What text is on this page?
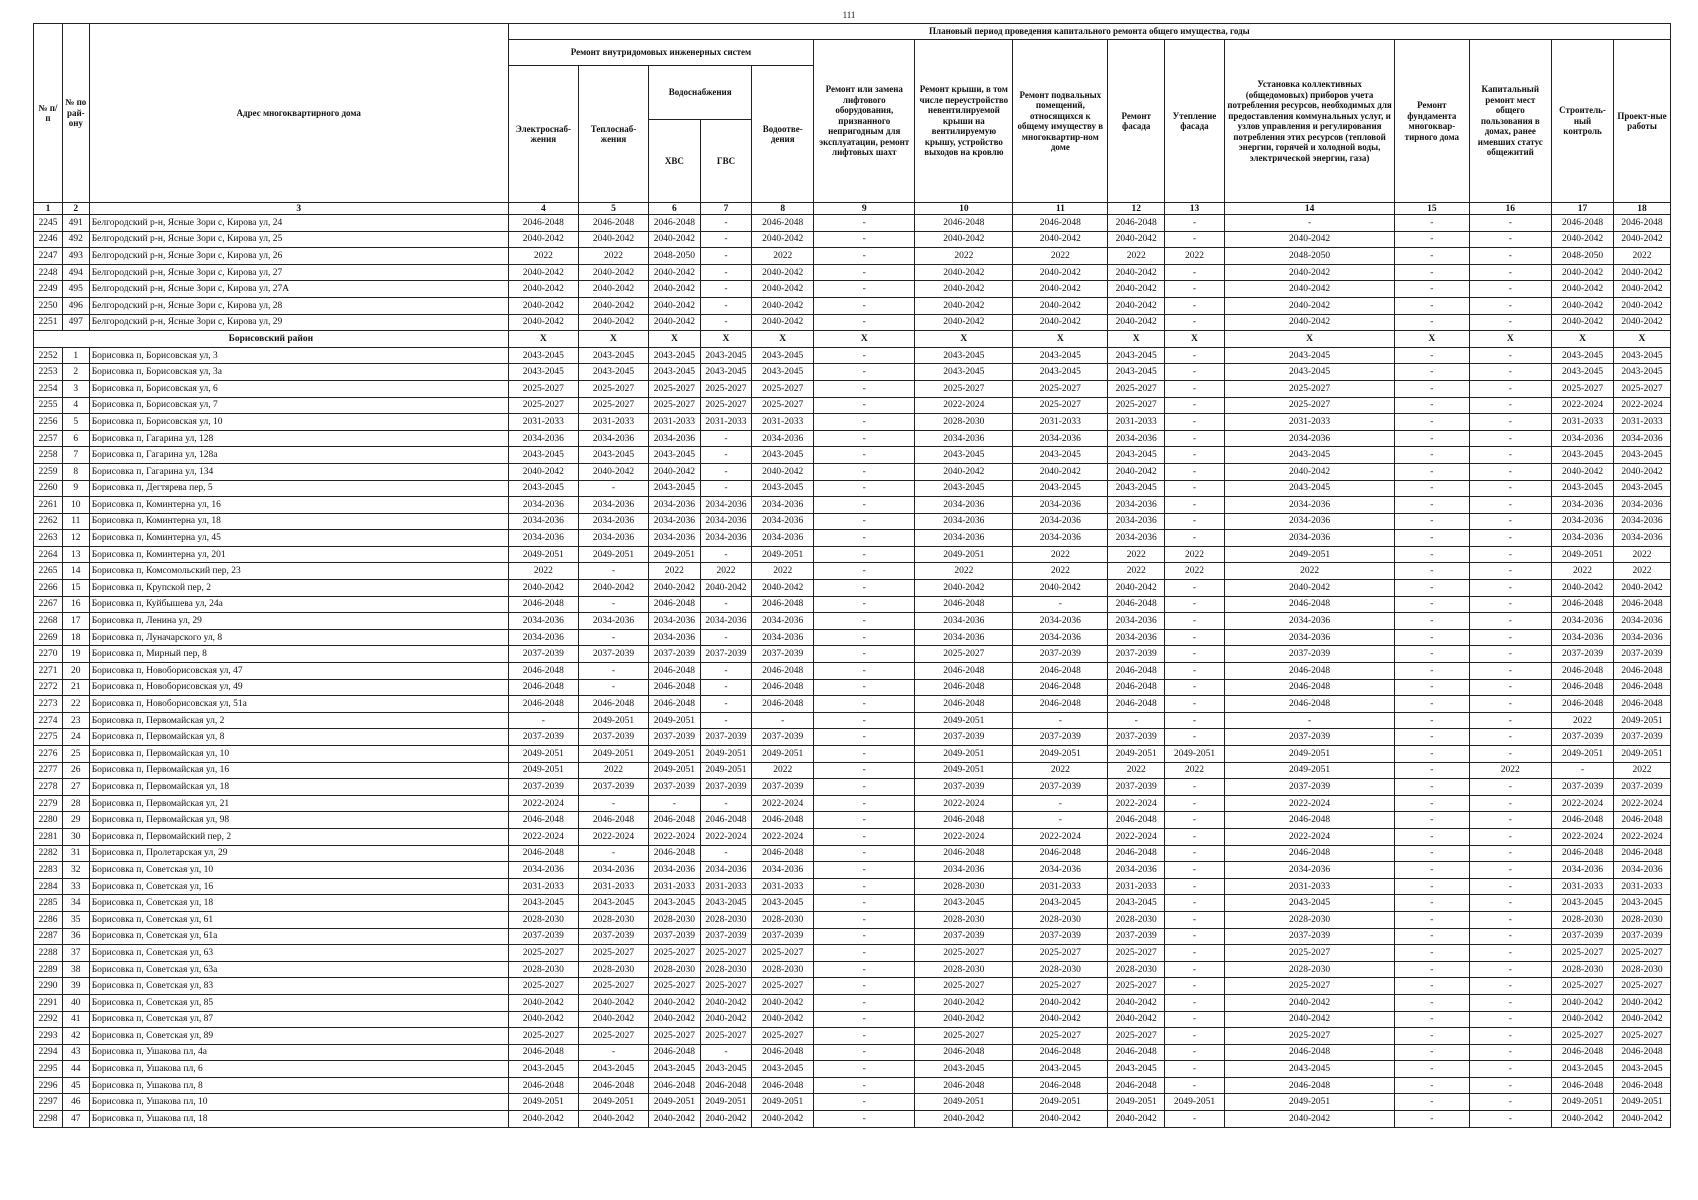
111
№ п/п	№ по рай-ону	Адрес многоквартирного дома	Плановый период проведения капитального ремонта общего имущества, годы														
			Ремонт внутридомовых инженерных систем					Ремонт или замена лифтового оборудования, признанного непригодным для эксплуатации, ремонт лифтовых шахт	Ремонт крыши, в том числе переустройство невентилируемой крыши на вентилируемую крышу, устройство выходов на кровлю	Ремонт подвальных помещений, относящихся к общему имуществу в многоквартир-ном доме	Ремонт фасада	Утепление фасада	Установка коллективных (общедомовых) приборов учета потребления ресурсов, необходимых для предоставления коммунальных услуг, и узлов управления и регулирования потребления этих ресурсов (тепловой энергии, горячей и холодной воды, электрической энергии, газа)	Ремонт фундамента многоквар-тирного дома	Капитальный ремонт мест общего пользования в домах, ранее имевших статус общежитий	Строитель-ный контроль	Проект-ные работы
			Электроснаб-жения	Теплоснаб-жения	Водоснабжения		Водоотве-дения										
					ХВС	ГВС											
1	2	3	4	5	6	7	8	9	10	11	12	13	14	15	16	17	18
2245	491	Белгородский р-н, Ясные Зори с, Кирова ул, 24	2046-2048	2046-2048	2046-2048	-	2046-2048	-	2046-2048	2046-2048	2046-2048	-	-	-	-	2046-2048	2046-2048
2246	492	Белгородский р-н, Ясные Зори с, Кирова ул, 25	2040-2042	2040-2042	2040-2042	-	2040-2042	-	2040-2042	2040-2042	2040-2042	-	2040-2042	-	-	2040-2042	2040-2042
2247	493	Белгородский р-н, Ясные Зори с, Кирова ул, 26	2022	2022	2048-2050	-	2022	-	2022	2022	2022	2022	2048-2050	-	-	2048-2050	2022
2248	494	Белгородский р-н, Ясные Зори с, Кирова ул, 27	2040-2042	2040-2042	2040-2042	-	2040-2042	-	2040-2042	2040-2042	2040-2042	-	2040-2042	-	-	2040-2042	2040-2042
2249	495	Белгородский р-н, Ясные Зори с, Кирова ул, 27А	2040-2042	2040-2042	2040-2042	-	2040-2042	-	2040-2042	2040-2042	2040-2042	-	2040-2042	-	-	2040-2042	2040-2042
2250	496	Белгородский р-н, Ясные Зори с, Кирова ул, 28	2040-2042	2040-2042	2040-2042	-	2040-2042	-	2040-2042	2040-2042	2040-2042	-	2040-2042	-	-	2040-2042	2040-2042
2251	497	Белгородский р-н, Ясные Зори с, Кирова ул, 29	2040-2042	2040-2042	2040-2042	-	2040-2042	-	2040-2042	2040-2042	2040-2042	-	2040-2042	-	-	2040-2042	2040-2042
Борисовский район			X	X	X	X	X	X	X	X	X	X	X	X	X	X	X
2252	1	Борисовка п, Борисовская ул, 3	2043-2045	2043-2045	2043-2045	2043-2045	2043-2045	-	2043-2045	2043-2045	2043-2045	-	2043-2045	-	-	2043-2045	2043-2045
2253	2	Борисовка п, Борисовская ул, 3а	2043-2045	2043-2045	2043-2045	2043-2045	2043-2045	-	2043-2045	2043-2045	2043-2045	-	2043-2045	-	-	2043-2045	2043-2045
2254	3	Борисовка п, Борисовская ул, 6	2025-2027	2025-2027	2025-2027	2025-2027	2025-2027	-	2025-2027	2025-2027	2025-2027	-	2025-2027	-	-	2025-2027	2025-2027
2255	4	Борисовка п, Борисовская ул, 7	2025-2027	2025-2027	2025-2027	2025-2027	2025-2027	-	2022-2024	2025-2027	2025-2027	-	2025-2027	-	-	2022-2024	2022-2024
2256	5	Борисовка п, Борисовская ул, 10	2031-2033	2031-2033	2031-2033	2031-2033	2031-2033	-	2028-2030	2031-2033	2031-2033	-	2031-2033	-	-	2031-2033	2031-2033
2257	6	Борисовка п, Гагарина ул, 128	2034-2036	2034-2036	2034-2036	-	2034-2036	-	2034-2036	2034-2036	2034-2036	-	2034-2036	-	-	2034-2036	2034-2036
2258	7	Борисовка п, Гагарина ул, 128а	2043-2045	2043-2045	2043-2045	-	2043-2045	-	2043-2045	2043-2045	2043-2045	-	2043-2045	-	-	2043-2045	2043-2045
2259	8	Борисовка п, Гагарина ул, 134	2040-2042	2040-2042	2040-2042	-	2040-2042	-	2040-2042	2040-2042	2040-2042	-	2040-2042	-	-	2040-2042	2040-2042
2260	9	Борисовка п, Дегтярева пер, 5	2043-2045	-	2043-2045	-	2043-2045	-	2043-2045	2043-2045	2043-2045	-	2043-2045	-	-	2043-2045	2043-2045
2261	10	Борисовка п, Коминтерна ул, 16	2034-2036	2034-2036	2034-2036	2034-2036	2034-2036	-	2034-2036	2034-2036	2034-2036	-	2034-2036	-	-	2034-2036	2034-2036
2262	11	Борисовка п, Коминтерна ул, 18	2034-2036	2034-2036	2034-2036	2034-2036	2034-2036	-	2034-2036	2034-2036	2034-2036	-	2034-2036	-	-	2034-2036	2034-2036
2263	12	Борисовка п, Коминтерна ул, 45	2034-2036	2034-2036	2034-2036	2034-2036	2034-2036	-	2034-2036	2034-2036	2034-2036	-	2034-2036	-	-	2034-2036	2034-2036
2264	13	Борисовка п, Коминтерна ул, 201	2049-2051	2049-2051	2049-2051	-	2049-2051	-	2049-2051	2022	2022	2022	2049-2051	-	-	2049-2051	2022
2265	14	Борисовка п, Комсомольский пер, 23	2022	-	2022	2022	2022	-	2022	2022	2022	2022	2022	-	-	2022	2022
2266	15	Борисовка п, Крупской пер, 2	2040-2042	2040-2042	2040-2042	2040-2042	2040-2042	-	2040-2042	2040-2042	2040-2042	-	2040-2042	-	-	2040-2042	2040-2042
2267	16	Борисовка п, Куйбышева ул, 24а	2046-2048	-	2046-2048	-	2046-2048	-	2046-2048	-	2046-2048	-	2046-2048	-	-	2046-2048	2046-2048
2268	17	Борисовка п, Ленина ул, 29	2034-2036	2034-2036	2034-2036	2034-2036	2034-2036	-	2034-2036	2034-2036	2034-2036	-	2034-2036	-	-	2034-2036	2034-2036
2269	18	Борисовка п, Луначарского ул, 8	2034-2036	-	2034-2036	-	2034-2036	-	2034-2036	2034-2036	2034-2036	-	2034-2036	-	-	2034-2036	2034-2036
2270	19	Борисовка п, Мирный пер, 8	2037-2039	2037-2039	2037-2039	2037-2039	2037-2039	-	2025-2027	2037-2039	2037-2039	-	2037-2039	-	-	2037-2039	2037-2039
2271	20	Борисовка п, Новоборисовская ул, 47	2046-2048	-	2046-2048	-	2046-2048	-	2046-2048	2046-2048	2046-2048	-	2046-2048	-	-	2046-2048	2046-2048
2272	21	Борисовка п, Новоборисовская ул, 49	2046-2048	-	2046-2048	-	2046-2048	-	2046-2048	2046-2048	2046-2048	-	2046-2048	-	-	2046-2048	2046-2048
2273	22	Борисовка п, Новоборисовская ул, 51а	2046-2048	2046-2048	2046-2048	-	2046-2048	-	2046-2048	2046-2048	2046-2048	-	2046-2048	-	-	2046-2048	2046-2048
2274	23	Борисовка п, Первомайская ул, 2	-	2049-2051	2049-2051	-	-	-	2049-2051	-	-	-	-	-	-	2022	2049-2051
2275	24	Борисовка п, Первомайская ул, 8	2037-2039	2037-2039	2037-2039	2037-2039	2037-2039	-	2037-2039	2037-2039	2037-2039	-	2037-2039	-	-	2037-2039	2037-2039
2276	25	Борисовка п, Первомайская ул, 10	2049-2051	2049-2051	2049-2051	2049-2051	2049-2051	-	2049-2051	2049-2051	2049-2051	2049-2051	2049-2051	-	-	2049-2051	2049-2051
2277	26	Борисовка п, Первомайская ул, 16	2049-2051	2022	2049-2051	2049-2051	2022	-	2049-2051	2022	2022	2022	2049-2051	-	2022	-	2022
2278	27	Борисовка п, Первомайская ул, 18	2037-2039	2037-2039	2037-2039	2037-2039	2037-2039	-	2037-2039	2037-2039	2037-2039	-	2037-2039	-	-	2037-2039	2037-2039
2279	28	Борисовка п, Первомайская ул, 21	2022-2024	-	-	-	2022-2024	-	2022-2024	-	2022-2024	-	2022-2024	-	-	2022-2024	2022-2024
2280	29	Борисовка п, Первомайская ул, 98	2046-2048	2046-2048	2046-2048	2046-2048	2046-2048	-	2046-2048	-	2046-2048	-	2046-2048	-	-	2046-2048	2046-2048
2281	30	Борисовка п, Первомайский пер, 2	2022-2024	2022-2024	2022-2024	2022-2024	2022-2024	-	2022-2024	2022-2024	2022-2024	-	2022-2024	-	-	2022-2024	2022-2024
2282	31	Борисовка п, Пролетарская ул, 29	2046-2048	-	2046-2048	-	2046-2048	-	2046-2048	2046-2048	2046-2048	-	2046-2048	-	-	2046-2048	2046-2048
2283	32	Борисовка п, Советская ул, 10	2034-2036	2034-2036	2034-2036	2034-2036	2034-2036	-	2034-2036	2034-2036	2034-2036	-	2034-2036	-	-	2034-2036	2034-2036
2284	33	Борисовка п, Советская ул, 16	2031-2033	2031-2033	2031-2033	2031-2033	2031-2033	-	2028-2030	2031-2033	2031-2033	-	2031-2033	-	-	2031-2033	2031-2033
2285	34	Борисовка п, Советская ул, 18	2043-2045	2043-2045	2043-2045	2043-2045	2043-2045	-	2043-2045	2043-2045	2043-2045	-	2043-2045	-	-	2043-2045	2043-2045
2286	35	Борисовка п, Советская ул, 61	2028-2030	2028-2030	2028-2030	2028-2030	2028-2030	-	2028-2030	2028-2030	2028-2030	-	2028-2030	-	-	2028-2030	2028-2030
2287	36	Борисовка п, Советская ул, 61а	2037-2039	2037-2039	2037-2039	2037-2039	2037-2039	-	2037-2039	2037-2039	2037-2039	-	2037-2039	-	-	2037-2039	2037-2039
2288	37	Борисовка п, Советская ул, 63	2025-2027	2025-2027	2025-2027	2025-2027	2025-2027	-	2025-2027	2025-2027	2025-2027	-	2025-2027	-	-	2025-2027	2025-2027
2289	38	Борисовка п, Советская ул, 63а	2028-2030	2028-2030	2028-2030	2028-2030	2028-2030	-	2028-2030	2028-2030	2028-2030	-	2028-2030	-	-	2028-2030	2028-2030
2290	39	Борисовка п, Советская ул, 83	2025-2027	2025-2027	2025-2027	2025-2027	2025-2027	-	2025-2027	2025-2027	2025-2027	-	2025-2027	-	-	2025-2027	2025-2027
2291	40	Борисовка п, Советская ул, 85	2040-2042	2040-2042	2040-2042	2040-2042	2040-2042	-	2040-2042	2040-2042	2040-2042	-	2040-2042	-	-	2040-2042	2040-2042
2292	41	Борисовка п, Советская ул, 87	2040-2042	2040-2042	2040-2042	2040-2042	2040-2042	-	2040-2042	2040-2042	2040-2042	-	2040-2042	-	-	2040-2042	2040-2042
2293	42	Борисовка п, Советская ул, 89	2025-2027	2025-2027	2025-2027	2025-2027	2025-2027	-	2025-2027	2025-2027	2025-2027	-	2025-2027	-	-	2025-2027	2025-2027
2294	43	Борисовка п, Ушакова пл, 4а	2046-2048	-	2046-2048	-	2046-2048	-	2046-2048	2046-2048	2046-2048	-	2046-2048	-	-	2046-2048	2046-2048
2295	44	Борисовка п, Ушакова пл, 6	2043-2045	2043-2045	2043-2045	2043-2045	2043-2045	-	2043-2045	2043-2045	2043-2045	-	2043-2045	-	-	2043-2045	2043-2045
2296	45	Борисовка п, Ушакова пл, 8	2046-2048	2046-2048	2046-2048	2046-2048	2046-2048	-	2046-2048	2046-2048	2046-2048	-	2046-2048	-	-	2046-2048	2046-2048
2297	46	Борисовка п, Ушакова пл, 10	2049-2051	2049-2051	2049-2051	2049-2051	2049-2051	-	2049-2051	2049-2051	2049-2051	2049-2051	2049-2051	-	-	2049-2051	2049-2051
2298	47	Борисовка п, Ушакова пл, 18	2040-2042	2040-2042	2040-2042	2040-2042	2040-2042	-	2040-2042	2040-2042	2040-2042	-	2040-2042	-	-	2040-2042	2040-2042
